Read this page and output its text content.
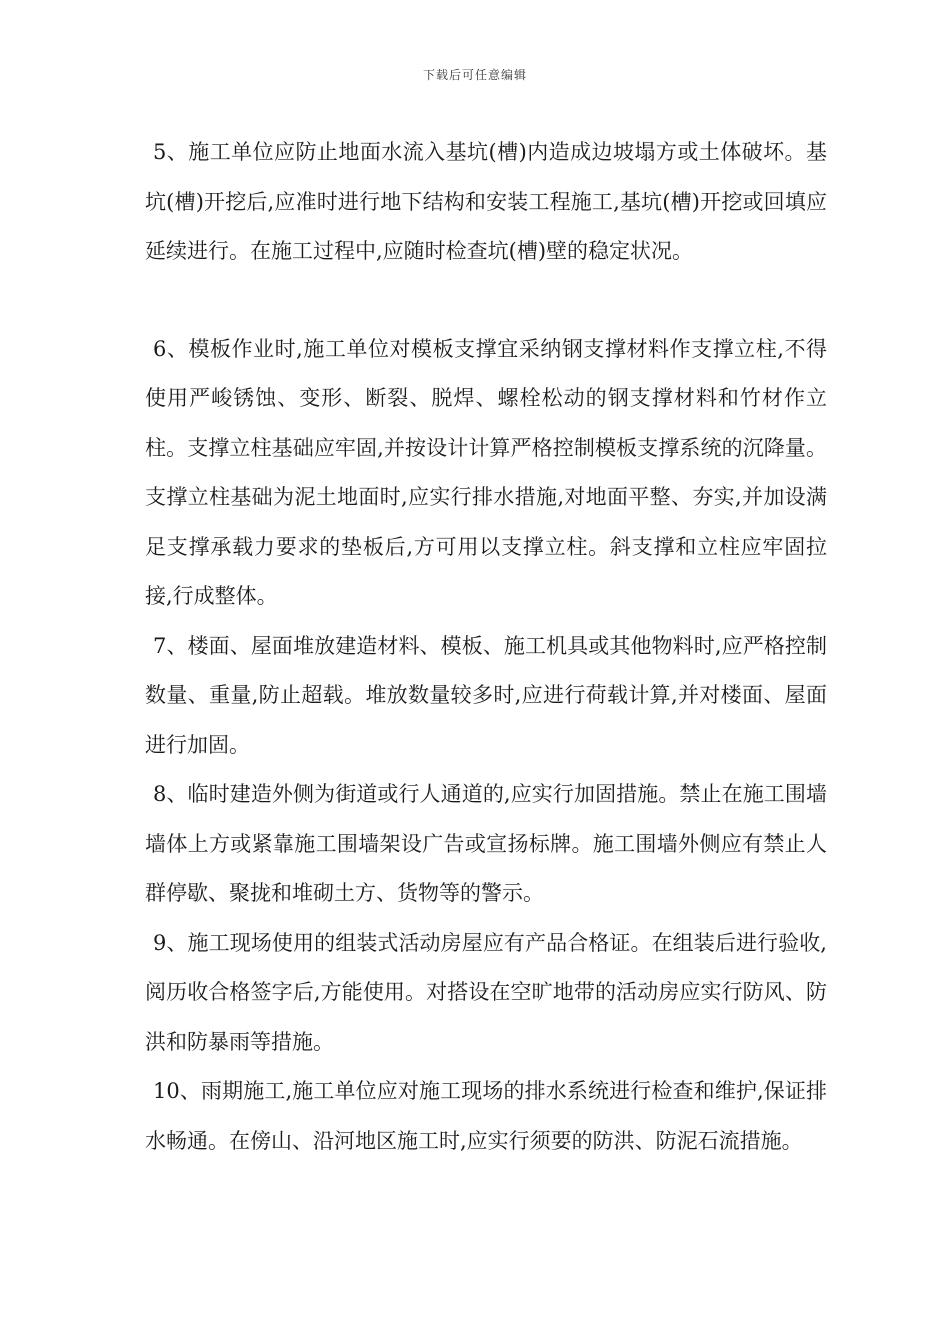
下载后可任意编辑

5、施工单位应防止地面水流入基坑(槽)内造成边坡塌方或土体破坏。基坑(槽)开挖后,应准时进行地下结构和安装工程施工,基坑(槽)开挖或回填应延续进行。在施工过程中,应随时检查坑(槽)壁的稳定状况。

6、模板作业时,施工单位对模板支撑宜采纳钢支撑材料作支撑立柱,不得使用严峻锈蚀、变形、断裂、脱焊、螺栓松动的钢支撑材料和竹材作立柱。支撑立柱基础应牢固,并按设计计算严格控制模板支撑系统的沉降量。支撑立柱基础为泥土地面时,应实行排水措施,对地面平整、夯实,并加设满足支撑承载力要求的垫板后,方可用以支撑立柱。斜支撑和立柱应牢固拉接,行成整体。

7、楼面、屋面堆放建造材料、模板、施工机具或其他物料时,应严格控制数量、重量,防止超载。堆放数量较多时,应进行荷载计算,并对楼面、屋面进行加固。

8、临时建造外侧为街道或行人通道的,应实行加固措施。禁止在施工围墙墙体上方或紧靠施工围墙架设广告或宣扬标牌。施工围墙外侧应有禁止人群停歇、聚拢和堆砌土方、货物等的警示。

9、施工现场使用的组装式活动房屋应有产品合格证。在组装后进行验收,阅历收合格签字后,方能使用。对搭设在空旷地带的活动房应实行防风、防洪和防暴雨等措施。

10、雨期施工,施工单位应对施工现场的排水系统进行检查和维护,保证排水畅通。在傍山、沿河地区施工时,应实行须要的防洪、防泥石流措施。
